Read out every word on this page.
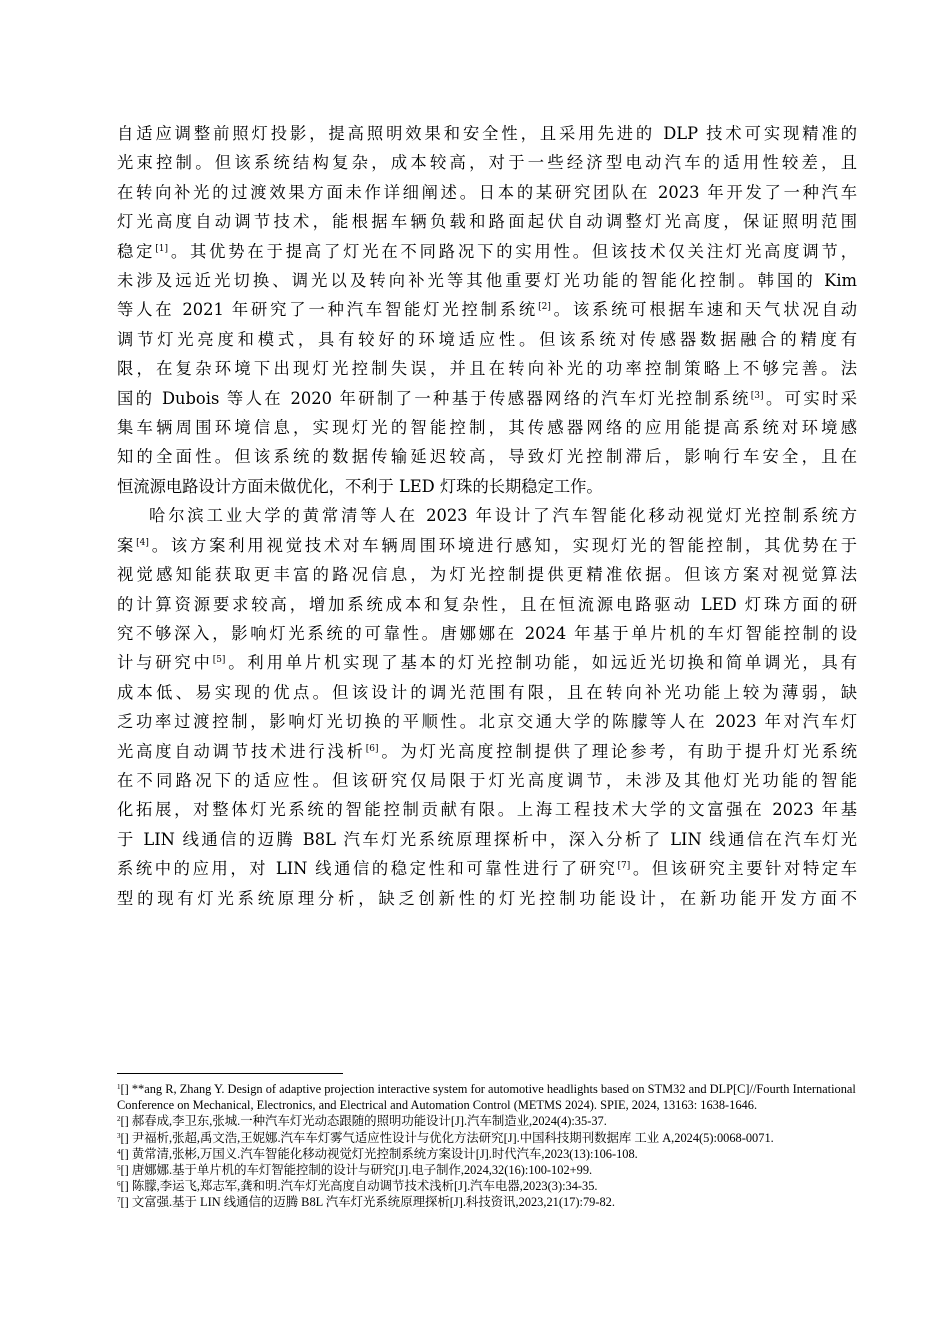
自适应调整前照灯投影，提高照明效果和安全性，且采用先进的 DLP 技术可实现精准的
光束控制。但该系统结构复杂，成本较高，对于一些经济型电动汽车的适用性较差，且
在转向补光的过渡效果方面未作详细阐述。日本的某研究团队在 2023 年开发了一种汽车
灯光高度自动调节技术，能根据车辆负载和路面起伏自动调整灯光高度，保证照明范围
稳定[1]。其优势在于提高了灯光在不同路况下的实用性。但该技术仅关注灯光高度调节，
未涉及远近光切换、调光以及转向补光等其他重要灯光功能的智能化控制。韩国的 Kim
等人在 2021 年研究了一种汽车智能灯光控制系统[2]。该系统可根据车速和天气状况自动
调节灯光亮度和模式，具有较好的环境适应性。但该系统对传感器数据融合的精度有
限，在复杂环境下出现灯光控制失误，并且在转向补光的功率控制策略上不够完善。法
国的 Dubois 等人在 2020 年研制了一种基于传感器网络的汽车灯光控制系统[3]。可实时采
集车辆周围环境信息，实现灯光的智能控制，其传感器网络的应用能提高系统对环境感
知的全面性。但该系统的数据传输延迟较高，导致灯光控制滞后，影响行车安全，且在
恒流源电路设计方面未做优化，不利于 LED 灯珠的长期稳定工作。

哈尔滨工业大学的黄常清等人在 2023 年设计了汽车智能化移动视觉灯光控制系统方
案[4]。该方案利用视觉技术对车辆周围环境进行感知，实现灯光的智能控制，其优势在于
视觉感知能获取更丰富的路况信息，为灯光控制提供更精准依据。但该方案对视觉算法
的计算资源要求较高，增加系统成本和复杂性，且在恒流源电路驱动 LED 灯珠方面的研
究不够深入，影响灯光系统的可靠性。唐娜娜在 2024 年基于单片机的车灯智能控制的设
计与研究中[5]。利用单片机实现了基本的灯光控制功能，如远近光切换和简单调光，具有
成本低、易实现的优点。但该设计的调光范围有限，且在转向补光功能上较为薄弱，缺
乏功率过渡控制，影响灯光切换的平顺性。北京交通大学的陈朦等人在 2023 年对汽车灯
光高度自动调节技术进行浅析[6]。为灯光高度控制提供了理论参考，有助于提升灯光系统
在不同路况下的适应性。但该研究仅局限于灯光高度调节，未涉及其他灯光功能的智能
化拓展，对整体灯光系统的智能控制贡献有限。上海工程技术大学的文富强在 2023 年基
于 LIN 线通信的迈腾 B8L 汽车灯光系统原理探析中，深入分析了 LIN 线通信在汽车灯光
系统中的应用，对 LIN 线通信的稳定性和可靠性进行了研究[7]。但该研究主要针对特定车
型的现有灯光系统原理分析，缺乏创新性的灯光控制功能设计，在新功能开发方面不

$^1$[] **ang R, Zhang Y. Design of adaptive projection interactive system for automotive headlights based on STM32 and DLP[C]//Fourth International Conference on Mechanical, Electronics, and Electrical and Automation Control (METMS 2024). SPIE, 2024, 13163: 1638-1646.

$^2$[] 郝春成,李卫东,张城.一种汽车灯光动态跟随的照明功能设计[J].汽车制造业,2024(4):35-37.

$^3$[] 尹福析,张超,禹文浩,王妮娜.汽车车灯雾气适应性设计与优化方法研究[J].中国科技期刊数据库 工业 A,2024(5):0068-0071.

$^4$[] 黄常清,张彬,万国义.汽车智能化移动视觉灯光控制系统方案设计[J].时代汽车,2023(13):106-108.

$^5$[] 唐娜娜.基于单片机的车灯智能控制的设计与研究[J].电子制作,2024,32(16):100-102+99.

$^6$[] 陈朦,李运飞,郑志军,龚和明.汽车灯光高度自动调节技术浅析[J].汽车电器,2023(3):34-35.

$^7$[] 文富强.基于 LIN 线通信的迈腾 B8L 汽车灯光系统原理探析[J].科技资讯,2023,21(17):79-82.
